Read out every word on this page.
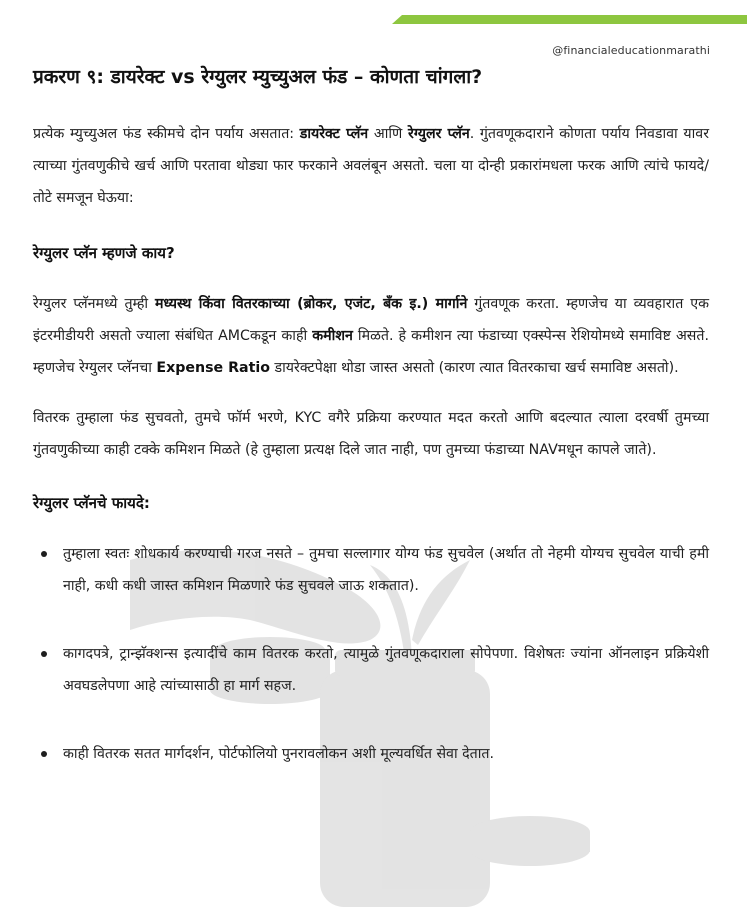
@financialeducationmarathi
प्रकरण ९: डायरेक्ट vs रेग्युलर म्युच्युअल फंड – कोणता चांगला?

प्रत्येक म्युच्युअल फंड स्कीमचे दोन पर्याय असतात: डायरेक्ट प्लॅन आणि रेग्युलर प्लॅन. गुंतवणूकदाराने कोणता पर्याय निवडावा यावर त्याच्या गुंतवणुकीचे खर्च आणि परतावा थोड्या फार फरकाने अवलंबून असतो. चला या दोन्ही प्रकारांमधला फरक आणि त्यांचे फायदे/तोटे समजून घेऊया:

रेग्युलर प्लॅन म्हणजे काय?

रेग्युलर प्लॅनमध्ये तुम्ही मध्यस्थ किंवा वितरकाच्या (ब्रोकर, एजंट, बँक इ.) मार्गाने गुंतवणूक करता. म्हणजेच या व्यवहारात एक इंटरमीडीयरी असतो ज्याला संबंधित AMCकडून काही कमीशन मिळते. हे कमीशन त्या फंडाच्या एक्स्पेन्स रेशियोमध्ये समाविष्ट असते. म्हणजेच रेग्युलर प्लॅनचा Expense Ratio डायरेक्टपेक्षा थोडा जास्त असतो (कारण त्यात वितरकाचा खर्च समाविष्ट असतो).

वितरक तुम्हाला फंड सुचवतो, तुमचे फॉर्म भरणे, KYC वगैरे प्रक्रिया करण्यात मदत करतो आणि बदल्यात त्याला दरवर्षी तुमच्या गुंतवणुकीच्या काही टक्के कमिशन मिळते (हे तुम्हाला प्रत्यक्ष दिले जात नाही, पण तुमच्या फंडाच्या NAVमधून कापले जाते).

रेग्युलर प्लॅनचे फायदे:
तुम्हाला स्वतः शोधकार्य करण्याची गरज नसते – तुमचा सल्लागार योग्य फंड सुचवेल (अर्थात तो नेहमी योग्यच सुचवेल याची हमी नाही, कधी कधी जास्त कमिशन मिळणारे फंड सुचवले जाऊ शकतात).
कागदपत्रे, ट्रान्झॅक्शन्स इत्यादींचे काम वितरक करतो, त्यामुळे गुंतवणूकदाराला सोपेपणा. विशेषतः ज्यांना ऑनलाइन प्रक्रियेशी अवघडलेपणा आहे त्यांच्यासाठी हा मार्ग सहज.
काही वितरक सतत मार्गदर्शन, पोर्टफोलियो पुनरावलोकन अशी मूल्यवर्धित सेवा देतात.
